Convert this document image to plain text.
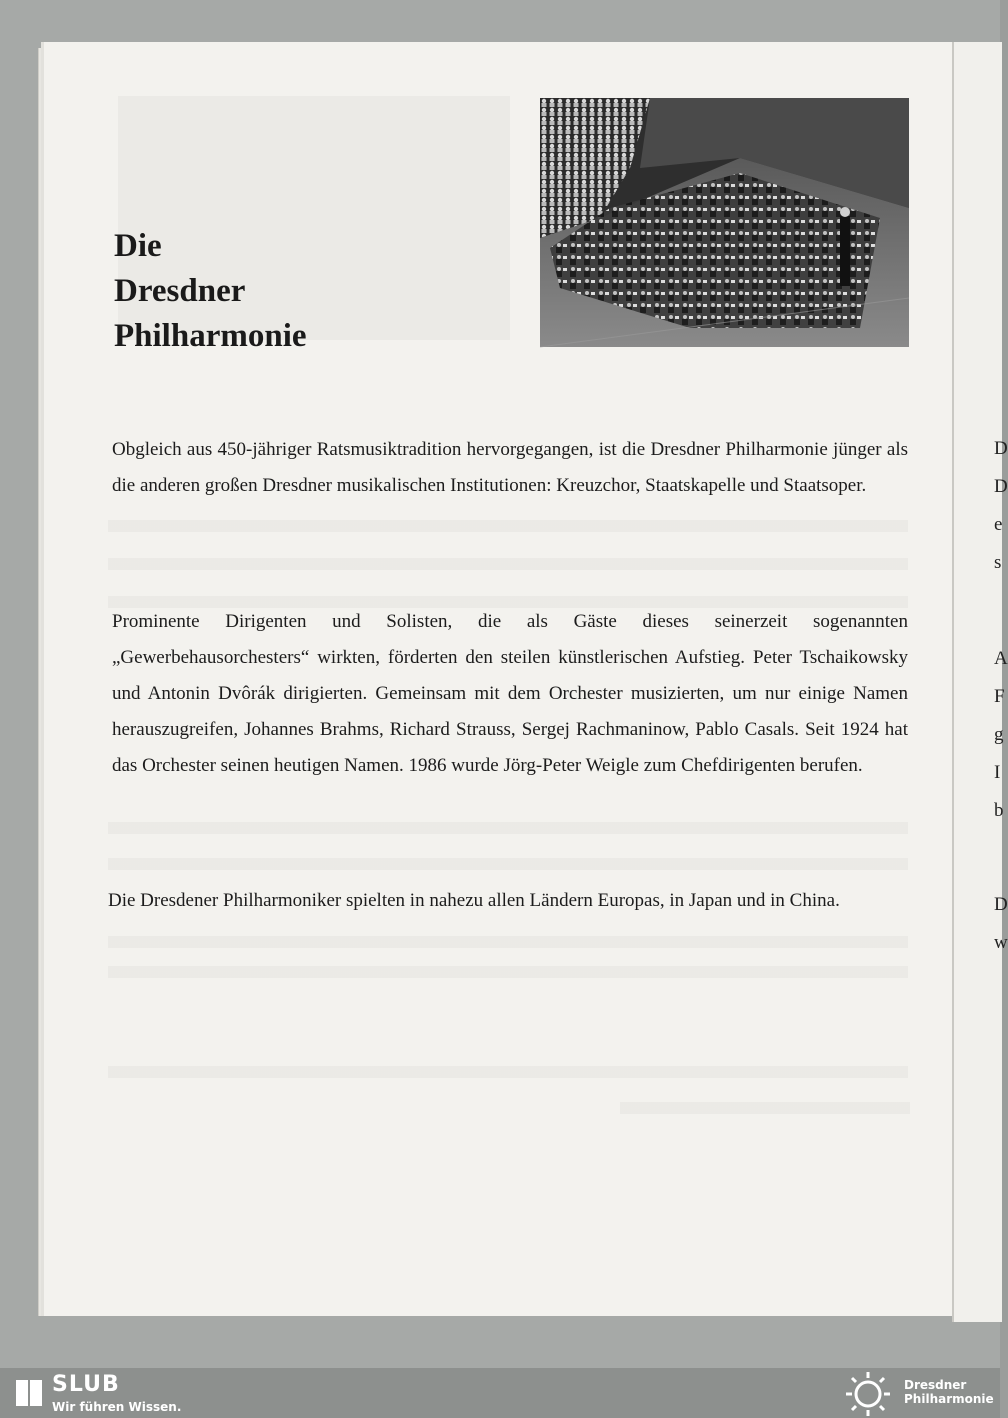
D
D
e
s
A
F
g
I
b
D
w
Die
Dresdner
Philharmonie

Obgleich aus 450-jähriger Ratsmusiktradition hervorgegangen, ist die Dresdner Philharmonie jünger als die anderen großen Dresdner musikalischen Institutionen: Kreuzchor, Staatskapelle und Staatsoper.

Prominente Dirigenten und Solisten, die als Gäste dieses seinerzeit sogenannten „Gewerbehausorchesters“ wirkten, förderten den steilen künstlerischen Aufstieg. Peter Tschaikowsky und Antonin Dvôrák dirigierten. Gemeinsam mit dem Orchester musizierten, um nur einige Namen herauszugreifen, Johannes Brahms, Richard Strauss, Sergej Rachmaninow, Pablo Casals. Seit 1924 hat das Orchester seinen heutigen Namen. 1986 wurde Jörg-Peter Weigle zum Chefdirigenten berufen.

Die Dresdener Philharmoniker spielten in nahezu allen Ländern Europas, in Japan und in China.

SLUB
Wir führen Wissen.
Dresdner
Philharmonie
